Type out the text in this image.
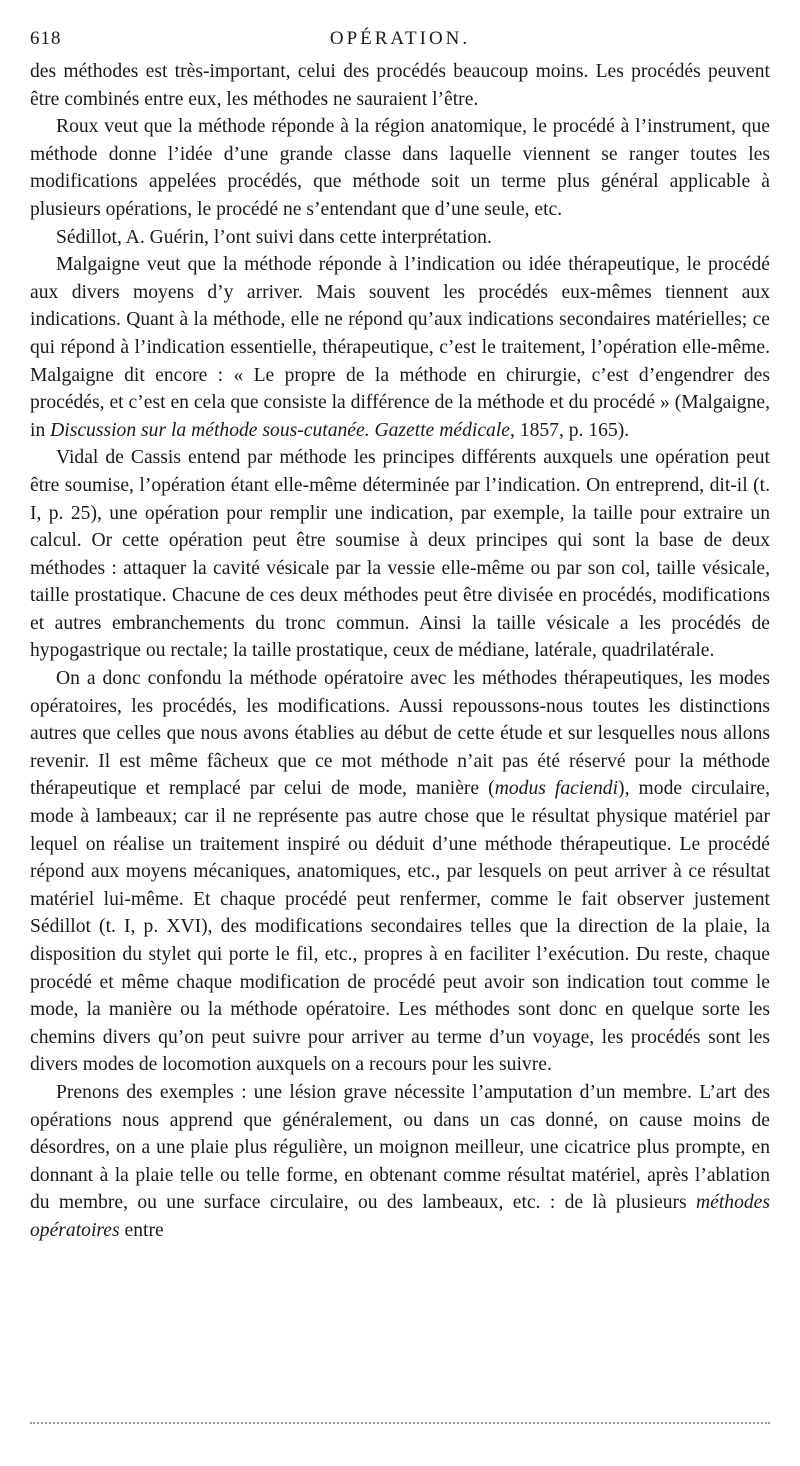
618	OPÉRATION.

des méthodes est très-important, celui des procédés beaucoup moins. Les procédés peuvent être combinés entre eux, les méthodes ne sauraient l’être.

Roux veut que la méthode réponde à la région anatomique, le procédé à l’instrument, que méthode donne l’idée d’une grande classe dans laquelle viennent se ranger toutes les modifications appelées procédés, que méthode soit un terme plus général applicable à plusieurs opérations, le procédé ne s’entendant que d’une seule, etc.

Sédillot, A. Guérin, l’ont suivi dans cette interprétation.

Malgaigne veut que la méthode réponde à l’indication ou idée thérapeutique, le procédé aux divers moyens d’y arriver. Mais souvent les procédés eux-mêmes tiennent aux indications. Quant à la méthode, elle ne répond qu’aux indications secondaires matérielles; ce qui répond à l’indication essentielle, thérapeutique, c’est le traitement, l’opération elle-même. Malgaigne dit encore : « Le propre de la méthode en chirurgie, c’est d’engendrer des procédés, et c’est en cela que consiste la différence de la méthode et du procédé » (Malgaigne, in Discussion sur la méthode sous-cutanée. Gazette médicale, 1857, p. 165).

Vidal de Cassis entend par méthode les principes différents auxquels une opération peut être soumise, l’opération étant elle-même déterminée par l’indication. On entreprend, dit-il (t. I, p. 25), une opération pour remplir une indication, par exemple, la taille pour extraire un calcul. Or cette opération peut être soumise à deux principes qui sont la base de deux méthodes : attaquer la cavité vésicale par la vessie elle-même ou par son col, taille vésicale, taille prostatique. Chacune de ces deux méthodes peut être divisée en procédés, modifications et autres embranchements du tronc commun. Ainsi la taille vésicale a les procédés de hypogastrique ou rectale; la taille prostatique, ceux de médiane, latérale, quadrilatérale.

On a donc confondu la méthode opératoire avec les méthodes thérapeutiques, les modes opératoires, les procédés, les modifications. Aussi repoussons-nous toutes les distinctions autres que celles que nous avons établies au début de cette étude et sur lesquelles nous allons revenir. Il est même fâcheux que ce mot méthode n’ait pas été réservé pour la méthode thérapeutique et remplacé par celui de mode, manière (modus faciendi), mode circulaire, mode à lambeaux; car il ne représente pas autre chose que le résultat physique matériel par lequel on réalise un traitement inspiré ou déduit d’une méthode thérapeutique. Le procédé répond aux moyens mécaniques, anatomiques, etc., par lesquels on peut arriver à ce résultat matériel lui-même. Et chaque procédé peut renfermer, comme le fait observer justement Sédillot (t. I, p. XVI), des modifications secondaires telles que la direction de la plaie, la disposition du stylet qui porte le fil, etc., propres à en faciliter l’exécution. Du reste, chaque procédé et même chaque modification de procédé peut avoir son indication tout comme le mode, la manière ou la méthode opératoire. Les méthodes sont donc en quelque sorte les chemins divers qu’on peut suivre pour arriver au terme d’un voyage, les procédés sont les divers modes de locomotion auxquels on a recours pour les suivre.

Prenons des exemples : une lésion grave nécessite l’amputation d’un membre. L’art des opérations nous apprend que généralement, ou dans un cas donné, on cause moins de désordres, on a une plaie plus régulière, un moignon meilleur, une cicatrice plus prompte, en donnant à la plaie telle ou telle forme, en obtenant comme résultat matériel, après l’ablation du membre, ou une surface circulaire, ou des lambeaux, etc. : de là plusieurs méthodes opératoires entre
